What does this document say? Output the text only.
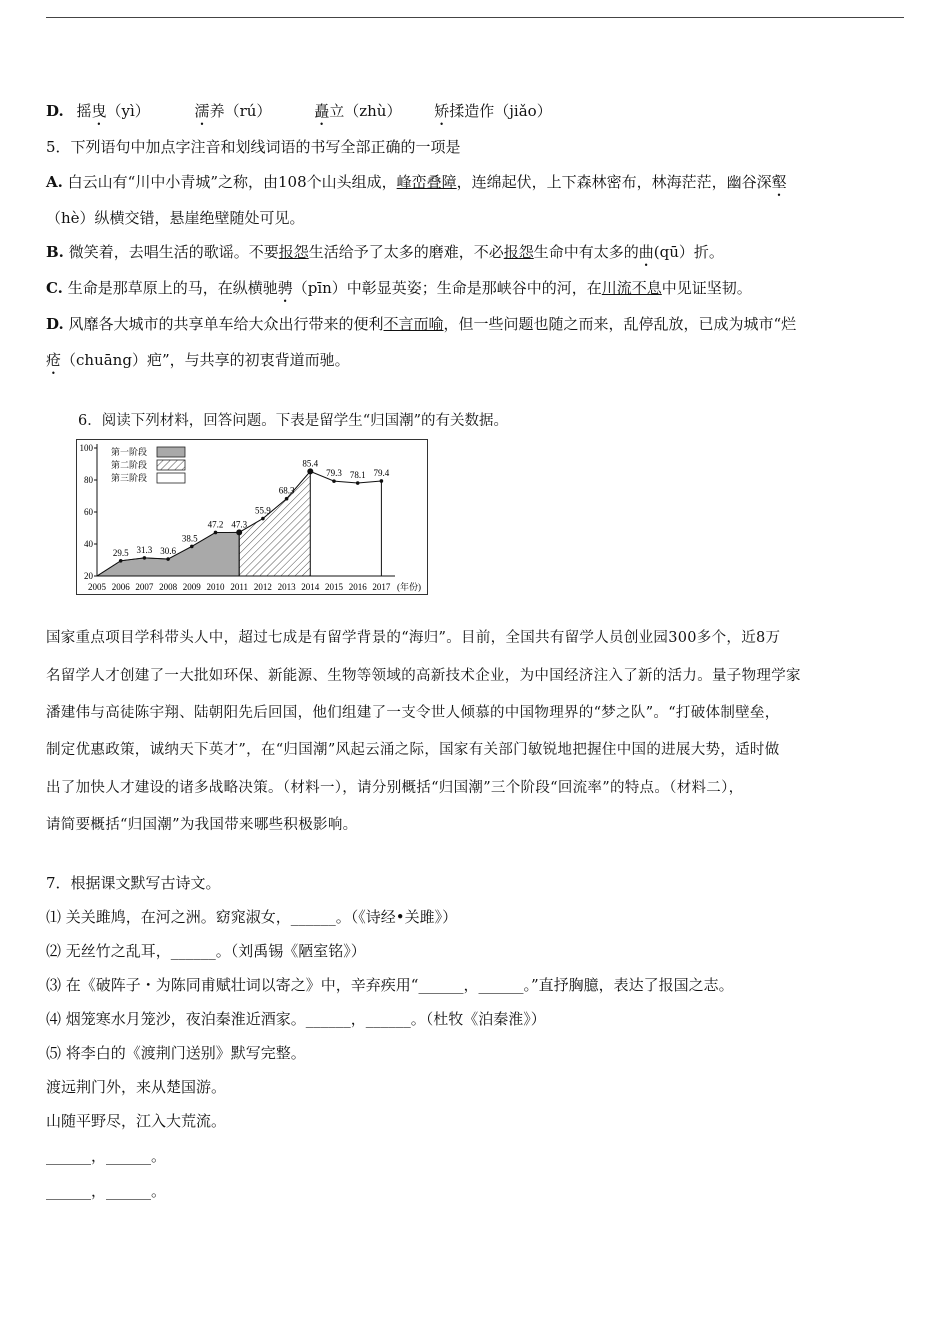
D. 摇曳（yì）	濡养（rú）	矗立（zhù） 矫揉造作（jiǎo）
5．下列语句中加点字注音和划线词语的书写全部正确的一项是
A. 白云山有“川中小青城”之称，由108个山头组成，峰峦叠障，连绵起伏，上下森林密布，林海茫茫，幽谷深壑
（hè）纵横交错，悬崖绝壁随处可见。
B. 微笑着，去唱生活的歌谣。不要报怨生活给予了太多的磨难，不必报怨生命中有太多的曲(qū）折。
C. 生命是那草原上的马，在纵横驰骋（pīn）中彰显英姿；生命是那峡谷中的河，在川流不息中见证坚韧。
D. 风靡各大城市的共享单车给大众出行带来的便利不言而喻，但一些问题也随之而来，乱停乱放，已成为城市“烂
疮（chuāng）疤”，与共享的初衷背道而驰。
6．阅读下列材料，回答问题。下表是留学生“归国潮”的有关数据。
20
40
60
80
100
2005 2006 2007 2008 2009 2010 2011 2012 2013 2014 2015 2016 2017 (年份)
29.5 31.3 30.6
38.5
47.2 47.3
55.9
68.3
85.4
79.3 78.1 79.4
第一阶段
第二阶段
第三阶段
国家重点项目学科带头人中，超过七成是有留学背景的“海归”。目前，全国共有留学人员创业园300多个，近8万
名留学人才创建了一大批如环保、新能源、生物等领域的高新技术企业，为中国经济注入了新的活力。量子物理学家
潘建伟与高徒陈宇翔、陆朝阳先后回国，他们组建了一支令世人倾慕的中国物理界的“梦之队”。“打破体制壁垒，
制定优惠政策，诚纳天下英才”，在“归国潮”风起云涌之际，国家有关部门敏锐地把握住中国的进展大势，适时做
出了加快人才建设的诸多战略决策。（材料一），请分别概括“归国潮”三个阶段“回流率”的特点。（材料二），
请简要概括“归国潮”为我国带来哪些积极影响。
7．根据课文默写古诗文。
⑴ 关关雎鸠，在河之洲。窈窕淑女，______。（《诗经•关雎》）
⑵ 无丝竹之乱耳，______。（刘禹锡《陋室铭》）
⑶ 在《破阵子・为陈同甫赋壮词以寄之》中，辛弃疾用“______，______。”直抒胸臆，表达了报国之志。
⑷ 烟笼寒水月笼沙，夜泊秦淮近酒家。______，______。（杜牧《泊秦淮》）
⑸ 将李白的《渡荆门送别》默写完整。
渡远荆门外，来从楚国游。
山随平野尽，江入大荒流。
______，______。
______，______。
